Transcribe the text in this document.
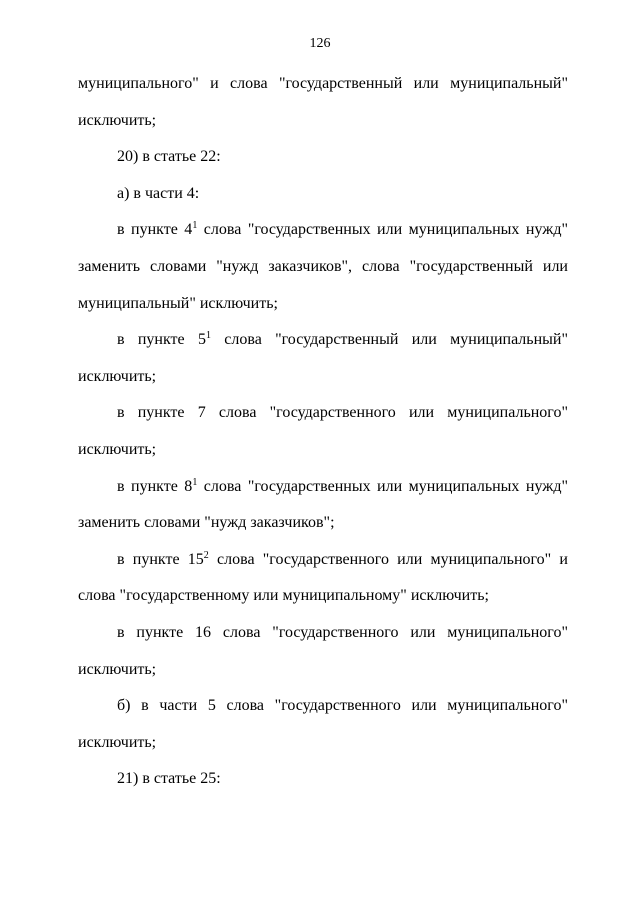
126
муниципального" и слова "государственный или муниципальный"
исключить;
20) в статье 22:
а) в части 4:
в пункте $4^1$ слова "государственных или муниципальных нужд"
заменить словами "нужд заказчиков", слова "государственный или
муниципальный" исключить;
в пункте $5^1$ слова "государственный или муниципальный"
исключить;
в пункте 7 слова "государственного или муниципального"
исключить;
в пункте $8^1$ слова "государственных или муниципальных нужд"
заменить словами "нужд заказчиков";
в пункте $15^2$ слова "государственного или муниципального" и
слова "государственному или муниципальному" исключить;
в пункте 16 слова "государственного или муниципального"
исключить;
б) в части 5 слова "государственного или муниципального"
исключить;
21) в статье 25:
